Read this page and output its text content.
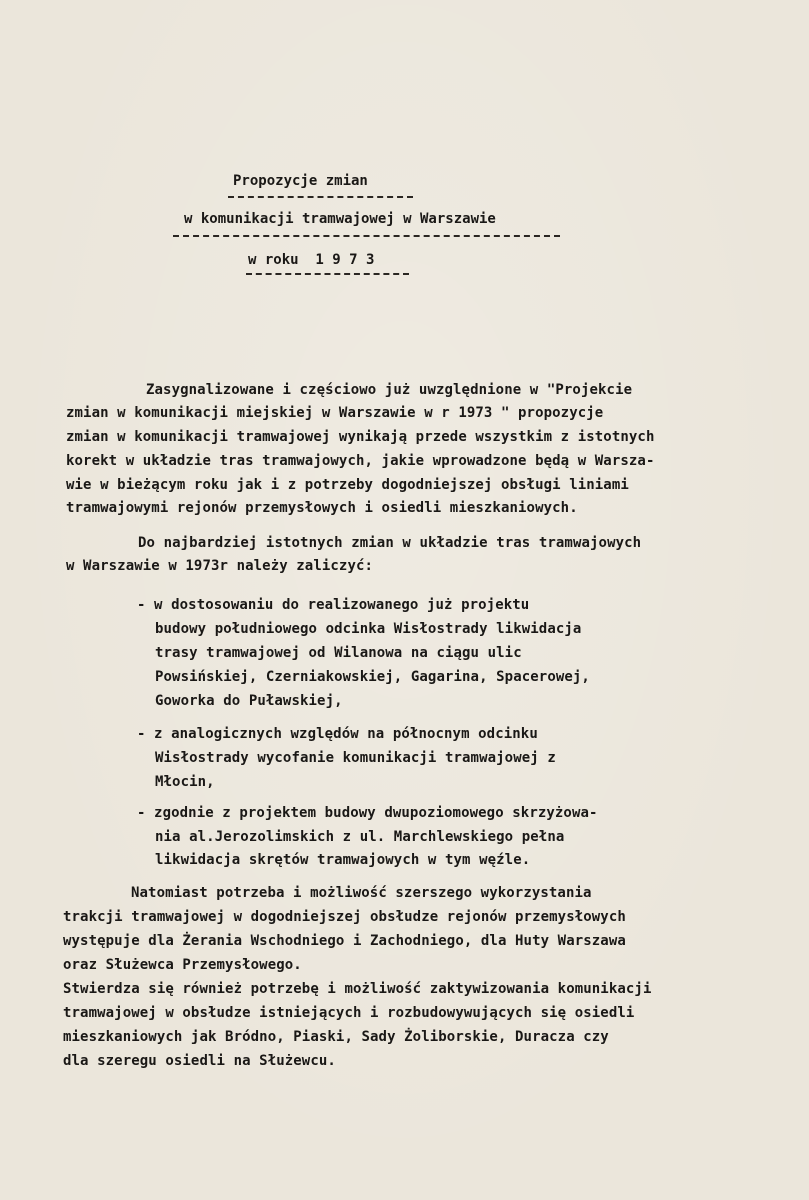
Propozycje zmian
w komunikacji tramwajowej w Warszawie
w roku  1 9 7 3
Zasygnalizowane i częściowo już uwzględnione w "Projekcie
zmian w komunikacji miejskiej w Warszawie w r 1973 " propozycje
zmian w komunikacji tramwajowej wynikają przede wszystkim z istotnych
korekt w układzie tras tramwajowych, jakie wprowadzone będą w Warsza-
wie w bieżącym roku jak i z potrzeby dogodniejszej obsługi liniami
tramwajowymi rejonów przemysłowych i osiedli mieszkaniowych.
Do najbardziej istotnych zmian w układzie tras tramwajowych
w Warszawie w 1973r należy zaliczyć:
- w dostosowaniu do realizowanego już projektu
budowy południowego odcinka Wisłostrady likwidacja
trasy tramwajowej od Wilanowa na ciągu ulic
Powsińskiej, Czerniakowskiej, Gagarina, Spacerowej,
Goworka do Puławskiej,
- z analogicznych względów na północnym odcinku
Wisłostrady wycofanie komunikacji tramwajowej z
Młocin,
- zgodnie z projektem budowy dwupoziomowego skrzyżowa-
nia al.Jerozolimskich z ul. Marchlewskiego pełna
likwidacja skrętów tramwajowych w tym węźle.
Natomiast potrzeba i możliwość szerszego wykorzystania
trakcji tramwajowej w dogodniejszej obsłudze rejonów przemysłowych
występuje dla Żerania Wschodniego i Zachodniego, dla Huty Warszawa
oraz Służewca Przemysłowego.
Stwierdza się również potrzebę i możliwość zaktywizowania komunikacji
tramwajowej w obsłudze istniejących i rozbudowywujących się osiedli
mieszkaniowych jak Bródno, Piaski, Sady Żoliborskie, Duracza czy
dla szeregu osiedli na Służewcu.
